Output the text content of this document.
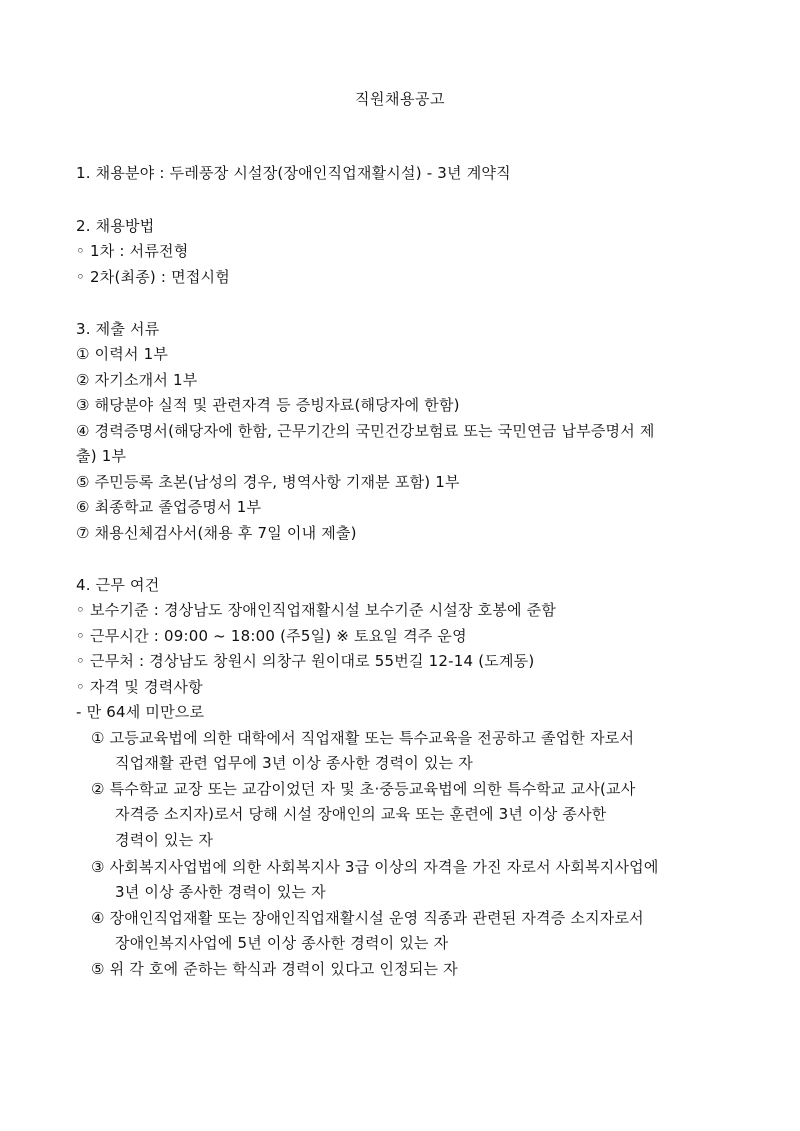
직원채용공고
1. 채용분야 : 두레풍장 시설장(장애인직업재활시설) - 3년 계약직
2. 채용방법
◦ 1차 : 서류전형
◦ 2차(최종) : 면접시험
3. 제출 서류
① 이력서 1부
② 자기소개서 1부
③ 해당분야 실적 및 관련자격 등 증빙자료(해당자에 한함)
④ 경력증명서(해당자에 한함, 근무기간의 국민건강보험료 또는 국민연금 납부증명서 제
출) 1부
⑤ 주민등록 초본(남성의 경우, 병역사항 기재분 포함) 1부
⑥ 최종학교 졸업증명서 1부
⑦ 채용신체검사서(채용 후 7일 이내 제출)
4. 근무 여건
◦ 보수기준 : 경상남도 장애인직업재활시설 보수기준 시설장 호봉에 준함
◦ 근무시간 : 09:00 ~ 18:00 (주5일) ※ 토요일 격주 운영
◦ 근무처 : 경상남도 창원시 의창구 원이대로 55번길 12-14 (도계동)
◦ 자격 및 경력사항
- 만 64세 미만으로
① 고등교육법에 의한 대학에서 직업재활 또는 특수교육을 전공하고 졸업한 자로서
직업재활 관련 업무에 3년 이상 종사한 경력이 있는 자
② 특수학교 교장 또는 교감이었던 자 및 초·중등교육법에 의한 특수학교 교사(교사
자격증 소지자)로서 당해 시설 장애인의 교육 또는 훈련에 3년 이상 종사한
경력이 있는 자
③ 사회복지사업법에 의한 사회복지사 3급 이상의 자격을 가진 자로서 사회복지사업에
3년 이상 종사한 경력이 있는 자
④ 장애인직업재활 또는 장애인직업재활시설 운영 직종과 관련된 자격증 소지자로서
장애인복지사업에 5년 이상 종사한 경력이 있는 자
⑤ 위 각 호에 준하는 학식과 경력이 있다고 인정되는 자
